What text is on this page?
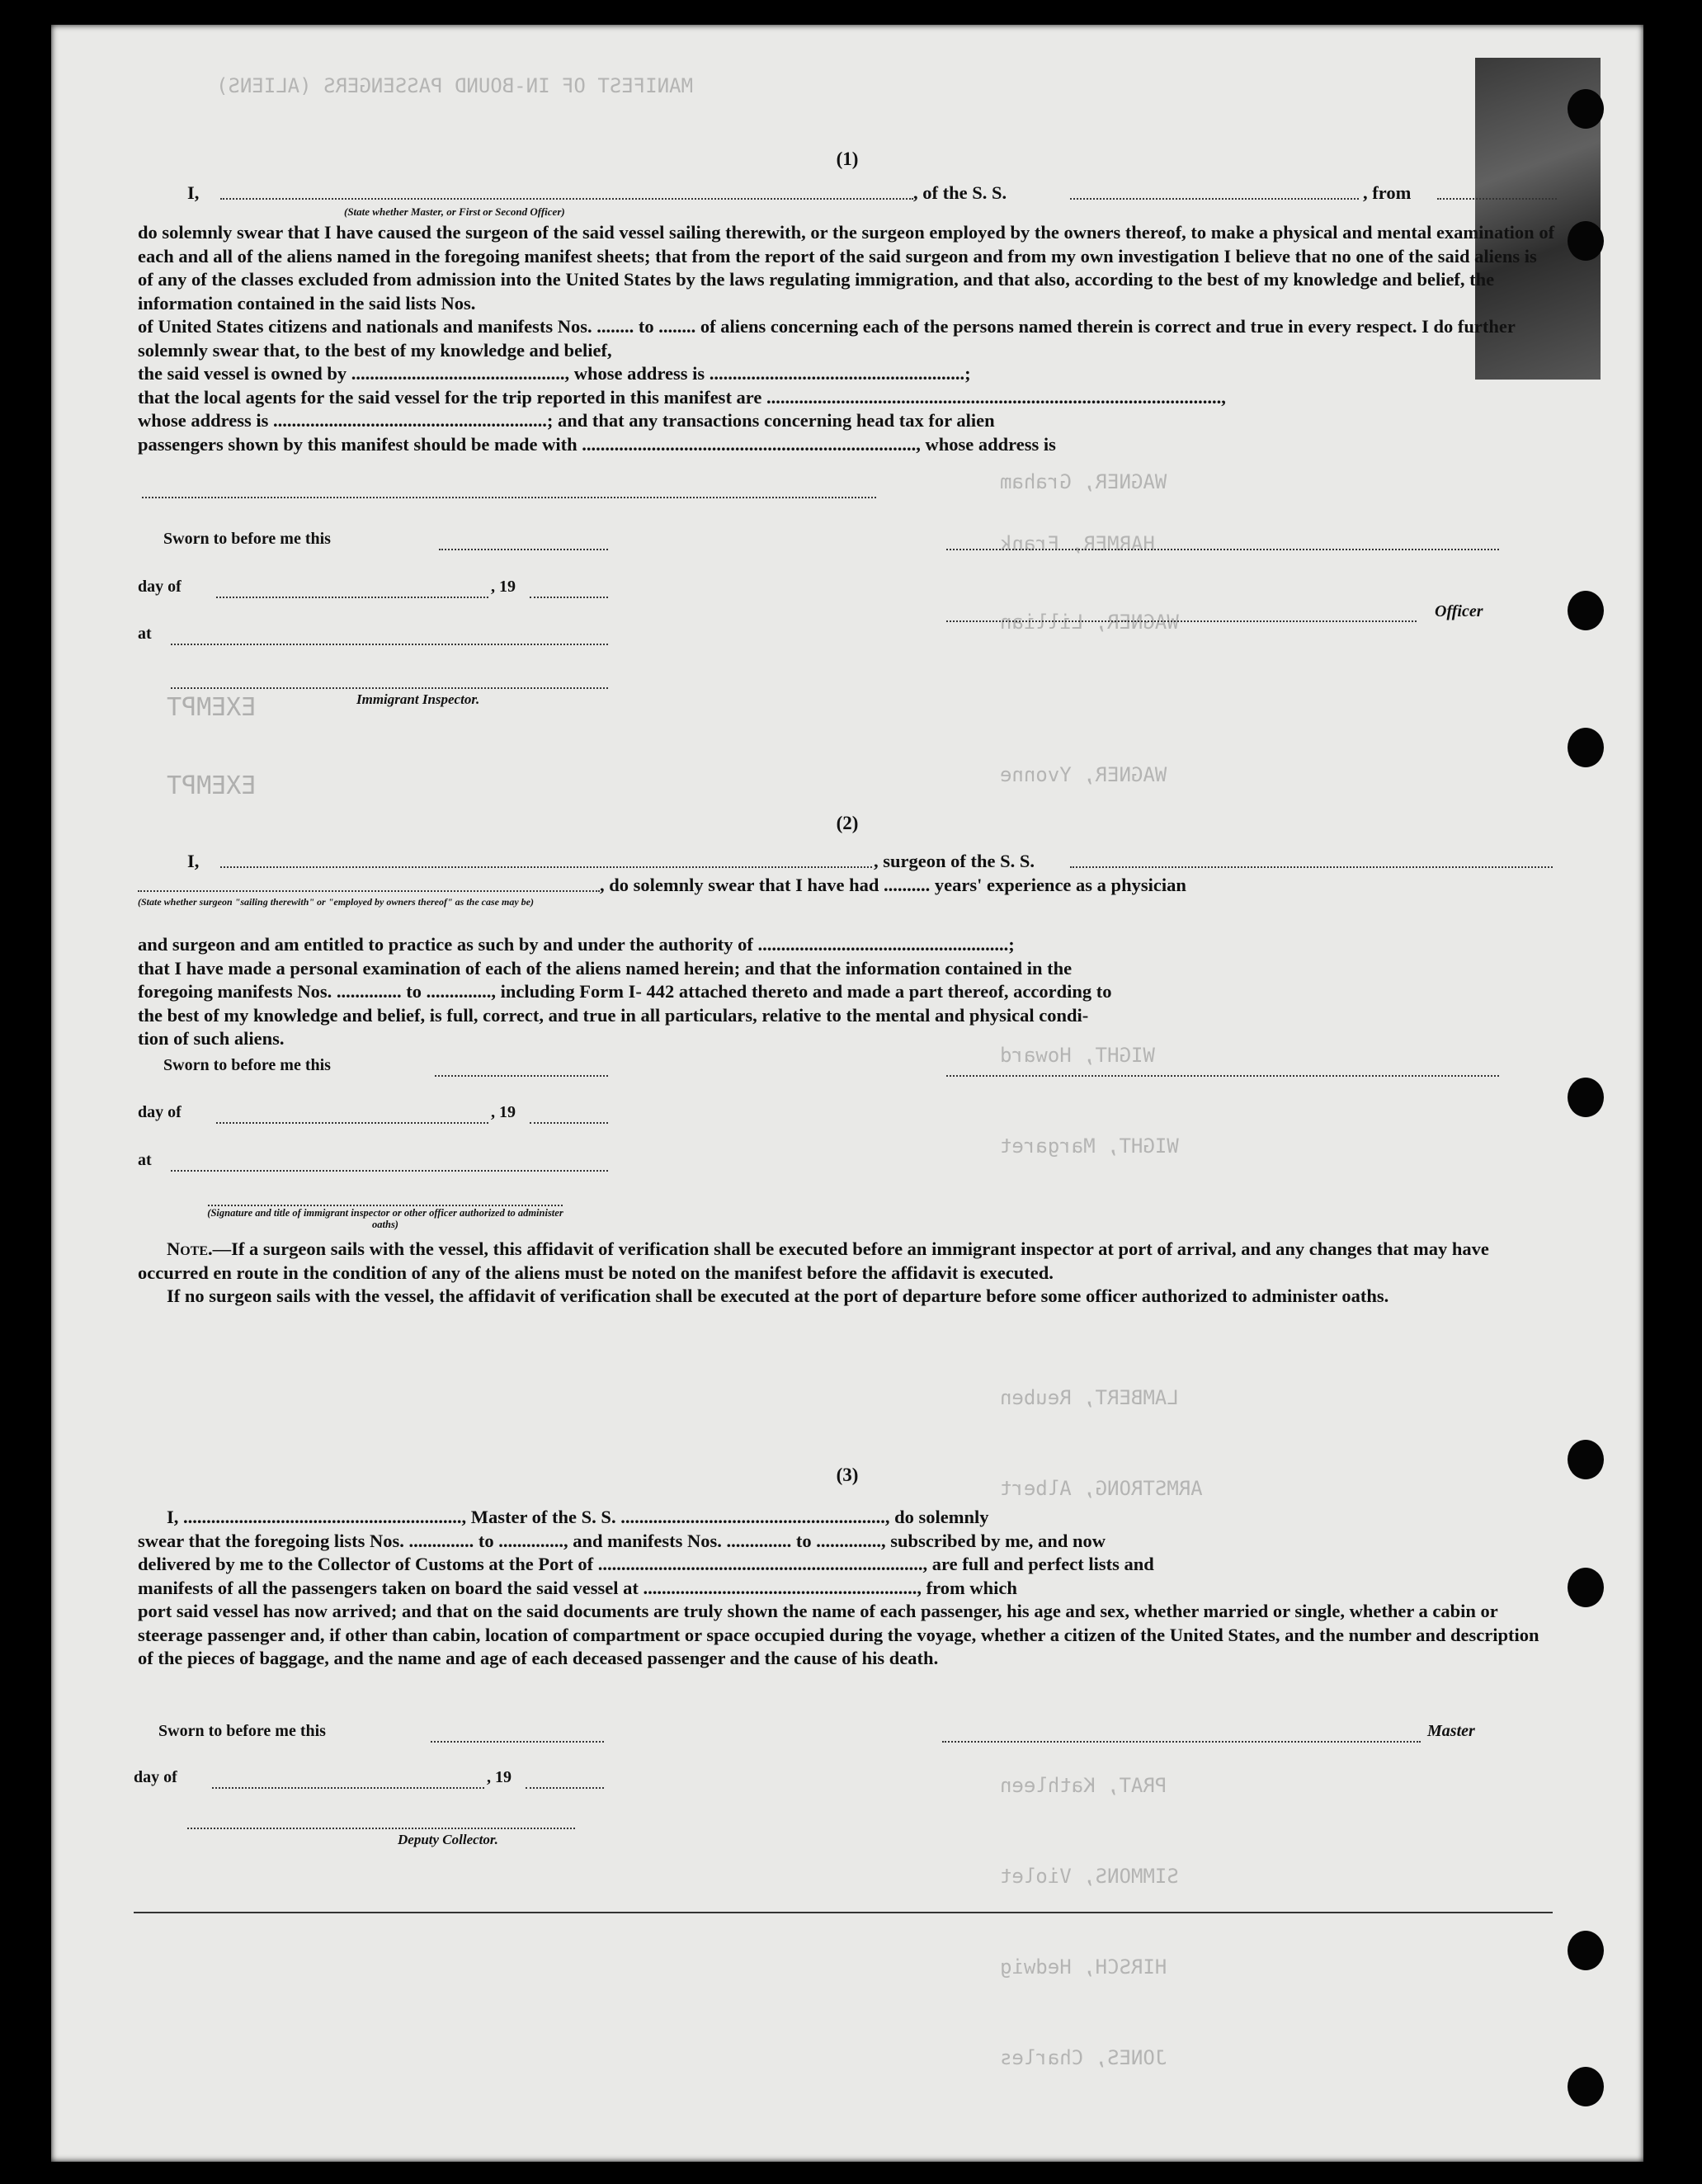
MANIFEST OF IN-BOUND PASSENGERS (ALIENS)
WAGNER, Graham
HARMER, Frank
WAGNER, Lillian
WAGNER, Yvonne
WIGHT, Howard
WIGHT, Margaret
LAMBERT, Reuben
ARMSTRONG, Albert
PRAT, Kathleen
SIMMONS, Violet
HIRSCH, Hedwig
JONES, Charles
EXEMPT
EXEMPT
(1)
I,	, of the S. S.	, from
(State whether Master, or First or Second Officer)

do solemnly swear that I have caused the surgeon of the said vessel sailing therewith, or the surgeon employed by the owners thereof, to make a physical and mental examination of each and all of the aliens named in the foregoing manifest sheets; that from the report of the said surgeon and from my own investigation I believe that no one of the said aliens is of any of the classes excluded from admission into the United States by the laws regulating immigration, and that also, according to the best of my knowledge and belief, the information contained in the said lists Nos.

of United States citizens and nationals and manifests Nos. ........ to ........ of aliens concerning each of the persons named therein is correct and true in every respect. I do further solemnly swear that, to the best of my knowledge and belief,

the said vessel is owned by .............................................., whose address is .......................................................;

that the local agents for the said vessel for the trip reported in this manifest are ..................................................................................................,

whose address is ...........................................................; and that any transactions concerning head tax for alien

passengers shown by this manifest should be made with ........................................................................, whose address is

Sworn to before me this
day of	, 19
Officer
at
Immigrant Inspector.
(2)
I,	, surgeon of the S. S.
, do solemnly swear that I have had .......... years' experience as a physician
(State whether surgeon "sailing therewith" or "employed by owners thereof" as the case may be)

and surgeon and am entitled to practice as such by and under the authority of ......................................................;

that I have made a personal examination of each of the aliens named herein; and that the information contained in the

foregoing manifests Nos. .............. to .............., including Form I- 442 attached thereto and made a part thereof, according to

the best of my knowledge and belief, is full, correct, and true in all particulars, relative to the mental and physical condi-

tion of such aliens.

Sworn to before me this
day of	, 19
at
(Signature and title of immigrant inspector or other officer authorized to administer oaths)

Note.—If a surgeon sails with the vessel, this affidavit of verification shall be executed before an immigrant inspector at port of arrival, and any changes that may have occurred en route in the condition of any of the aliens must be noted on the manifest before the affidavit is executed.

If no surgeon sails with the vessel, the affidavit of verification shall be executed at the port of departure before some officer authorized to administer oaths.

(3)

I, ............................................................, Master of the S. S. ........................................................., do solemnly

swear that the foregoing lists Nos. .............. to .............., and manifests Nos. .............. to .............., subscribed by me, and now

delivered by me to the Collector of Customs at the Port of ......................................................................, are full and perfect lists and

manifests of all the passengers taken on board the said vessel at ..........................................................., from which

port said vessel has now arrived; and that on the said documents are truly shown the name of each passenger, his age and sex, whether married or single, whether a cabin or steerage passenger and, if other than cabin, location of compartment or space occupied during the voyage, whether a citizen of the United States, and the number and description of the pieces of baggage, and the name and age of each deceased passenger and the cause of his death.

Sworn to before me this	Master
day of	, 19
Deputy Collector.
